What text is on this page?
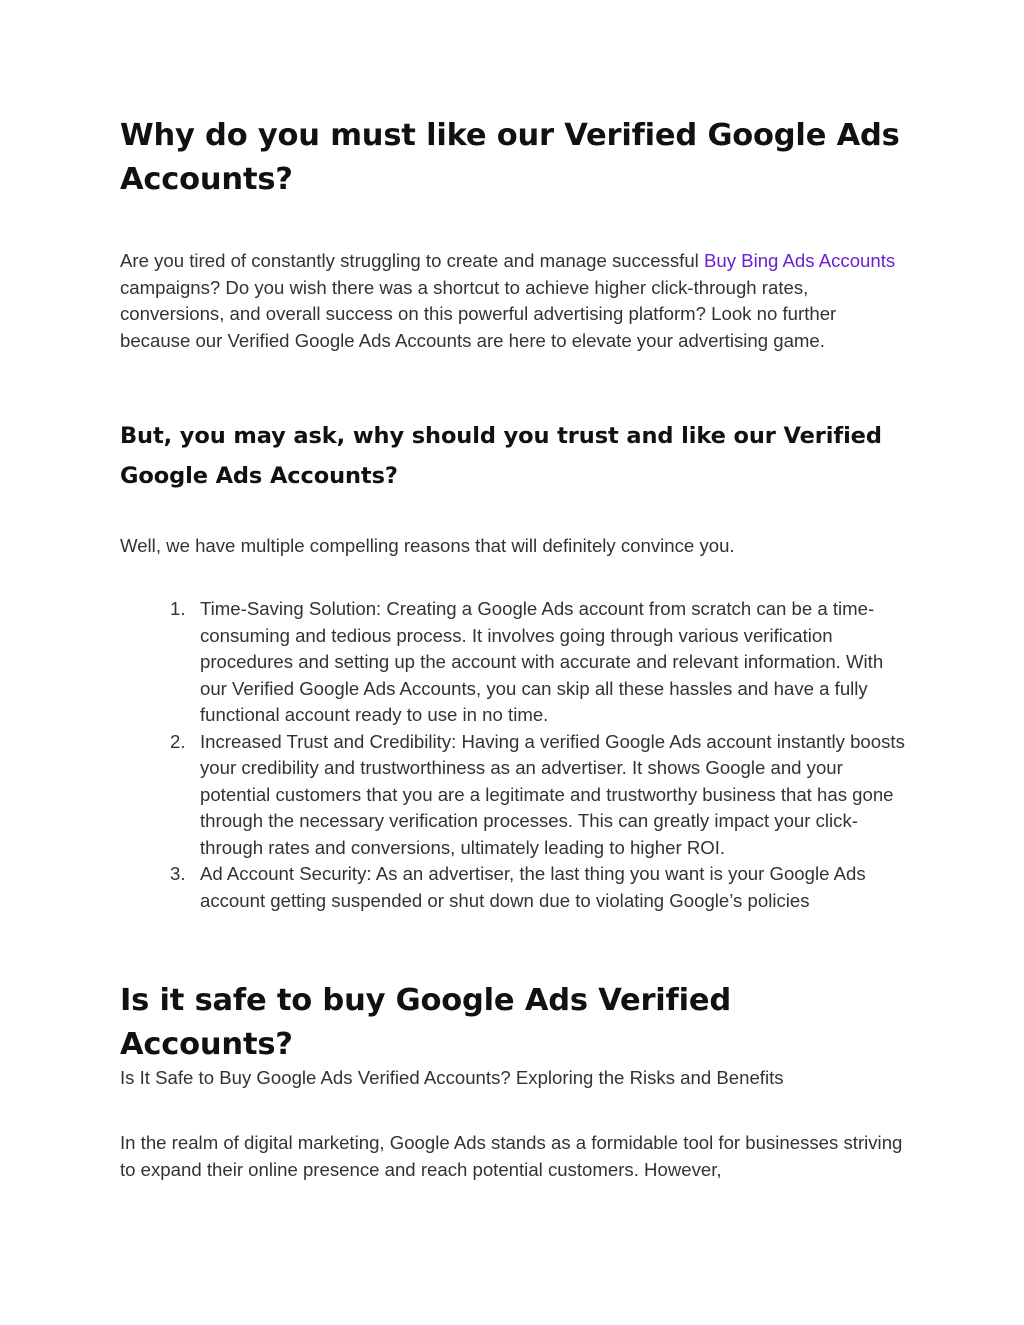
Why do you must like our Verified Google Ads Accounts?

Are you tired of constantly struggling to create and manage successful Buy Bing Ads Accounts campaigns? Do you wish there was a shortcut to achieve higher click-through rates, conversions, and overall success on this powerful advertising platform? Look no further because our Verified Google Ads Accounts are here to elevate your advertising game.

But, you may ask, why should you trust and like our Verified Google Ads Accounts?

Well, we have multiple compelling reasons that will definitely convince you.

1. Time-Saving Solution: Creating a Google Ads account from scratch can be a time-consuming and tedious process. It involves going through various verification procedures and setting up the account with accurate and relevant information. With our Verified Google Ads Accounts, you can skip all these hassles and have a fully functional account ready to use in no time.
2. Increased Trust and Credibility: Having a verified Google Ads account instantly boosts your credibility and trustworthiness as an advertiser. It shows Google and your potential customers that you are a legitimate and trustworthy business that has gone through the necessary verification processes. This can greatly impact your click-through rates and conversions, ultimately leading to higher ROI.
3. Ad Account Security: As an advertiser, the last thing you want is your Google Ads account getting suspended or shut down due to violating Google’s policies
Is it safe to buy Google Ads Verified Accounts?

Is It Safe to Buy Google Ads Verified Accounts? Exploring the Risks and Benefits

In the realm of digital marketing, Google Ads stands as a formidable tool for businesses striving to expand their online presence and reach potential customers. However,
